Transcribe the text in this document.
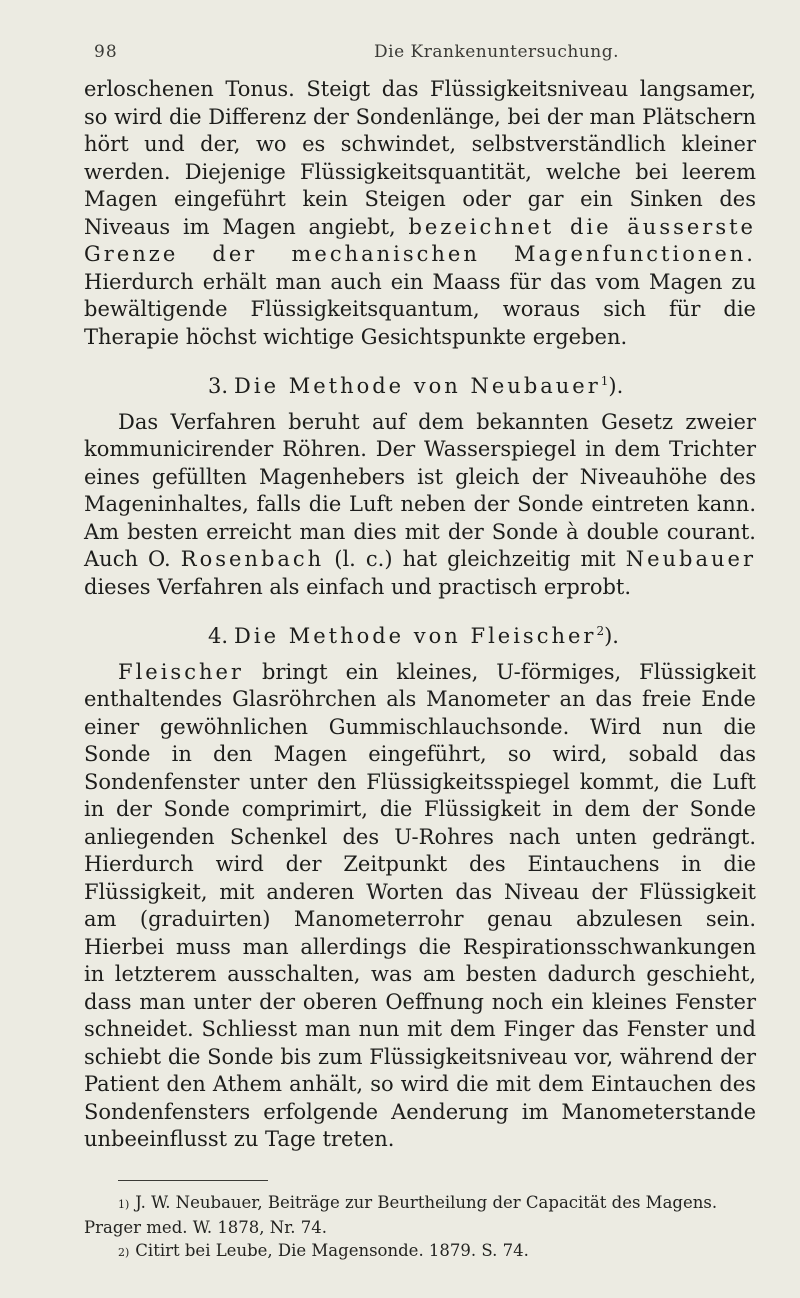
98	Die Krankenuntersuchung.

erloschenen Tonus. Steigt das Flüssigkeitsniveau langsamer, so wird die Differenz der Sondenlänge, bei der man Plätschern hört und der, wo es schwindet, selbstverständlich kleiner werden. Diejenige Flüssigkeitsquantität, welche bei leerem Magen eingeführt kein Steigen oder gar ein Sinken des Niveaus im Magen angiebt, bezeichnet die äusserste Grenze der mechanischen Magenfunctionen. Hierdurch erhält man auch ein Maass für das vom Magen zu bewältigende Flüssigkeitsquantum, woraus sich für die Therapie höchst wichtige Gesichtspunkte ergeben.

3. Die Methode von Neubauer$^1$).

Das Verfahren beruht auf dem bekannten Gesetz zweier kommunicirender Röhren. Der Wasserspiegel in dem Trichter eines gefüllten Magenhebers ist gleich der Niveauhöhe des Mageninhaltes, falls die Luft neben der Sonde eintreten kann. Am besten erreicht man dies mit der Sonde à double courant. Auch O. Rosenbach (l. c.) hat gleichzeitig mit Neubauer dieses Verfahren als einfach und practisch erprobt.

4. Die Methode von Fleischer$^2$).

Fleischer bringt ein kleines, U-förmiges, Flüssigkeit enthaltendes Glasröhrchen als Manometer an das freie Ende einer gewöhnlichen Gummischlauchsonde. Wird nun die Sonde in den Magen eingeführt, so wird, sobald das Sondenfenster unter den Flüssigkeitsspiegel kommt, die Luft in der Sonde comprimirt, die Flüssigkeit in dem der Sonde anliegenden Schenkel des U-Rohres nach unten gedrängt. Hierdurch wird der Zeitpunkt des Eintauchens in die Flüssigkeit, mit anderen Worten das Niveau der Flüssigkeit am (graduirten) Manometerrohr genau abzulesen sein. Hierbei muss man allerdings die Respirationsschwankungen in letzterem ausschalten, was am besten dadurch geschieht, dass man unter der oberen Oeffnung noch ein kleines Fenster schneidet. Schliesst man nun mit dem Finger das Fenster und schiebt die Sonde bis zum Flüssigkeitsniveau vor, während der Patient den Athem anhält, so wird die mit dem Eintauchen des Sondenfensters erfolgende Aenderung im Manometerstande unbeeinflusst zu Tage treten.

1) J. W. Neubauer, Beiträge zur Beurtheilung der Capacität des Magens.

Prager med. W. 1878, Nr. 74.

2) Citirt bei Leube, Die Magensonde. 1879. S. 74.
